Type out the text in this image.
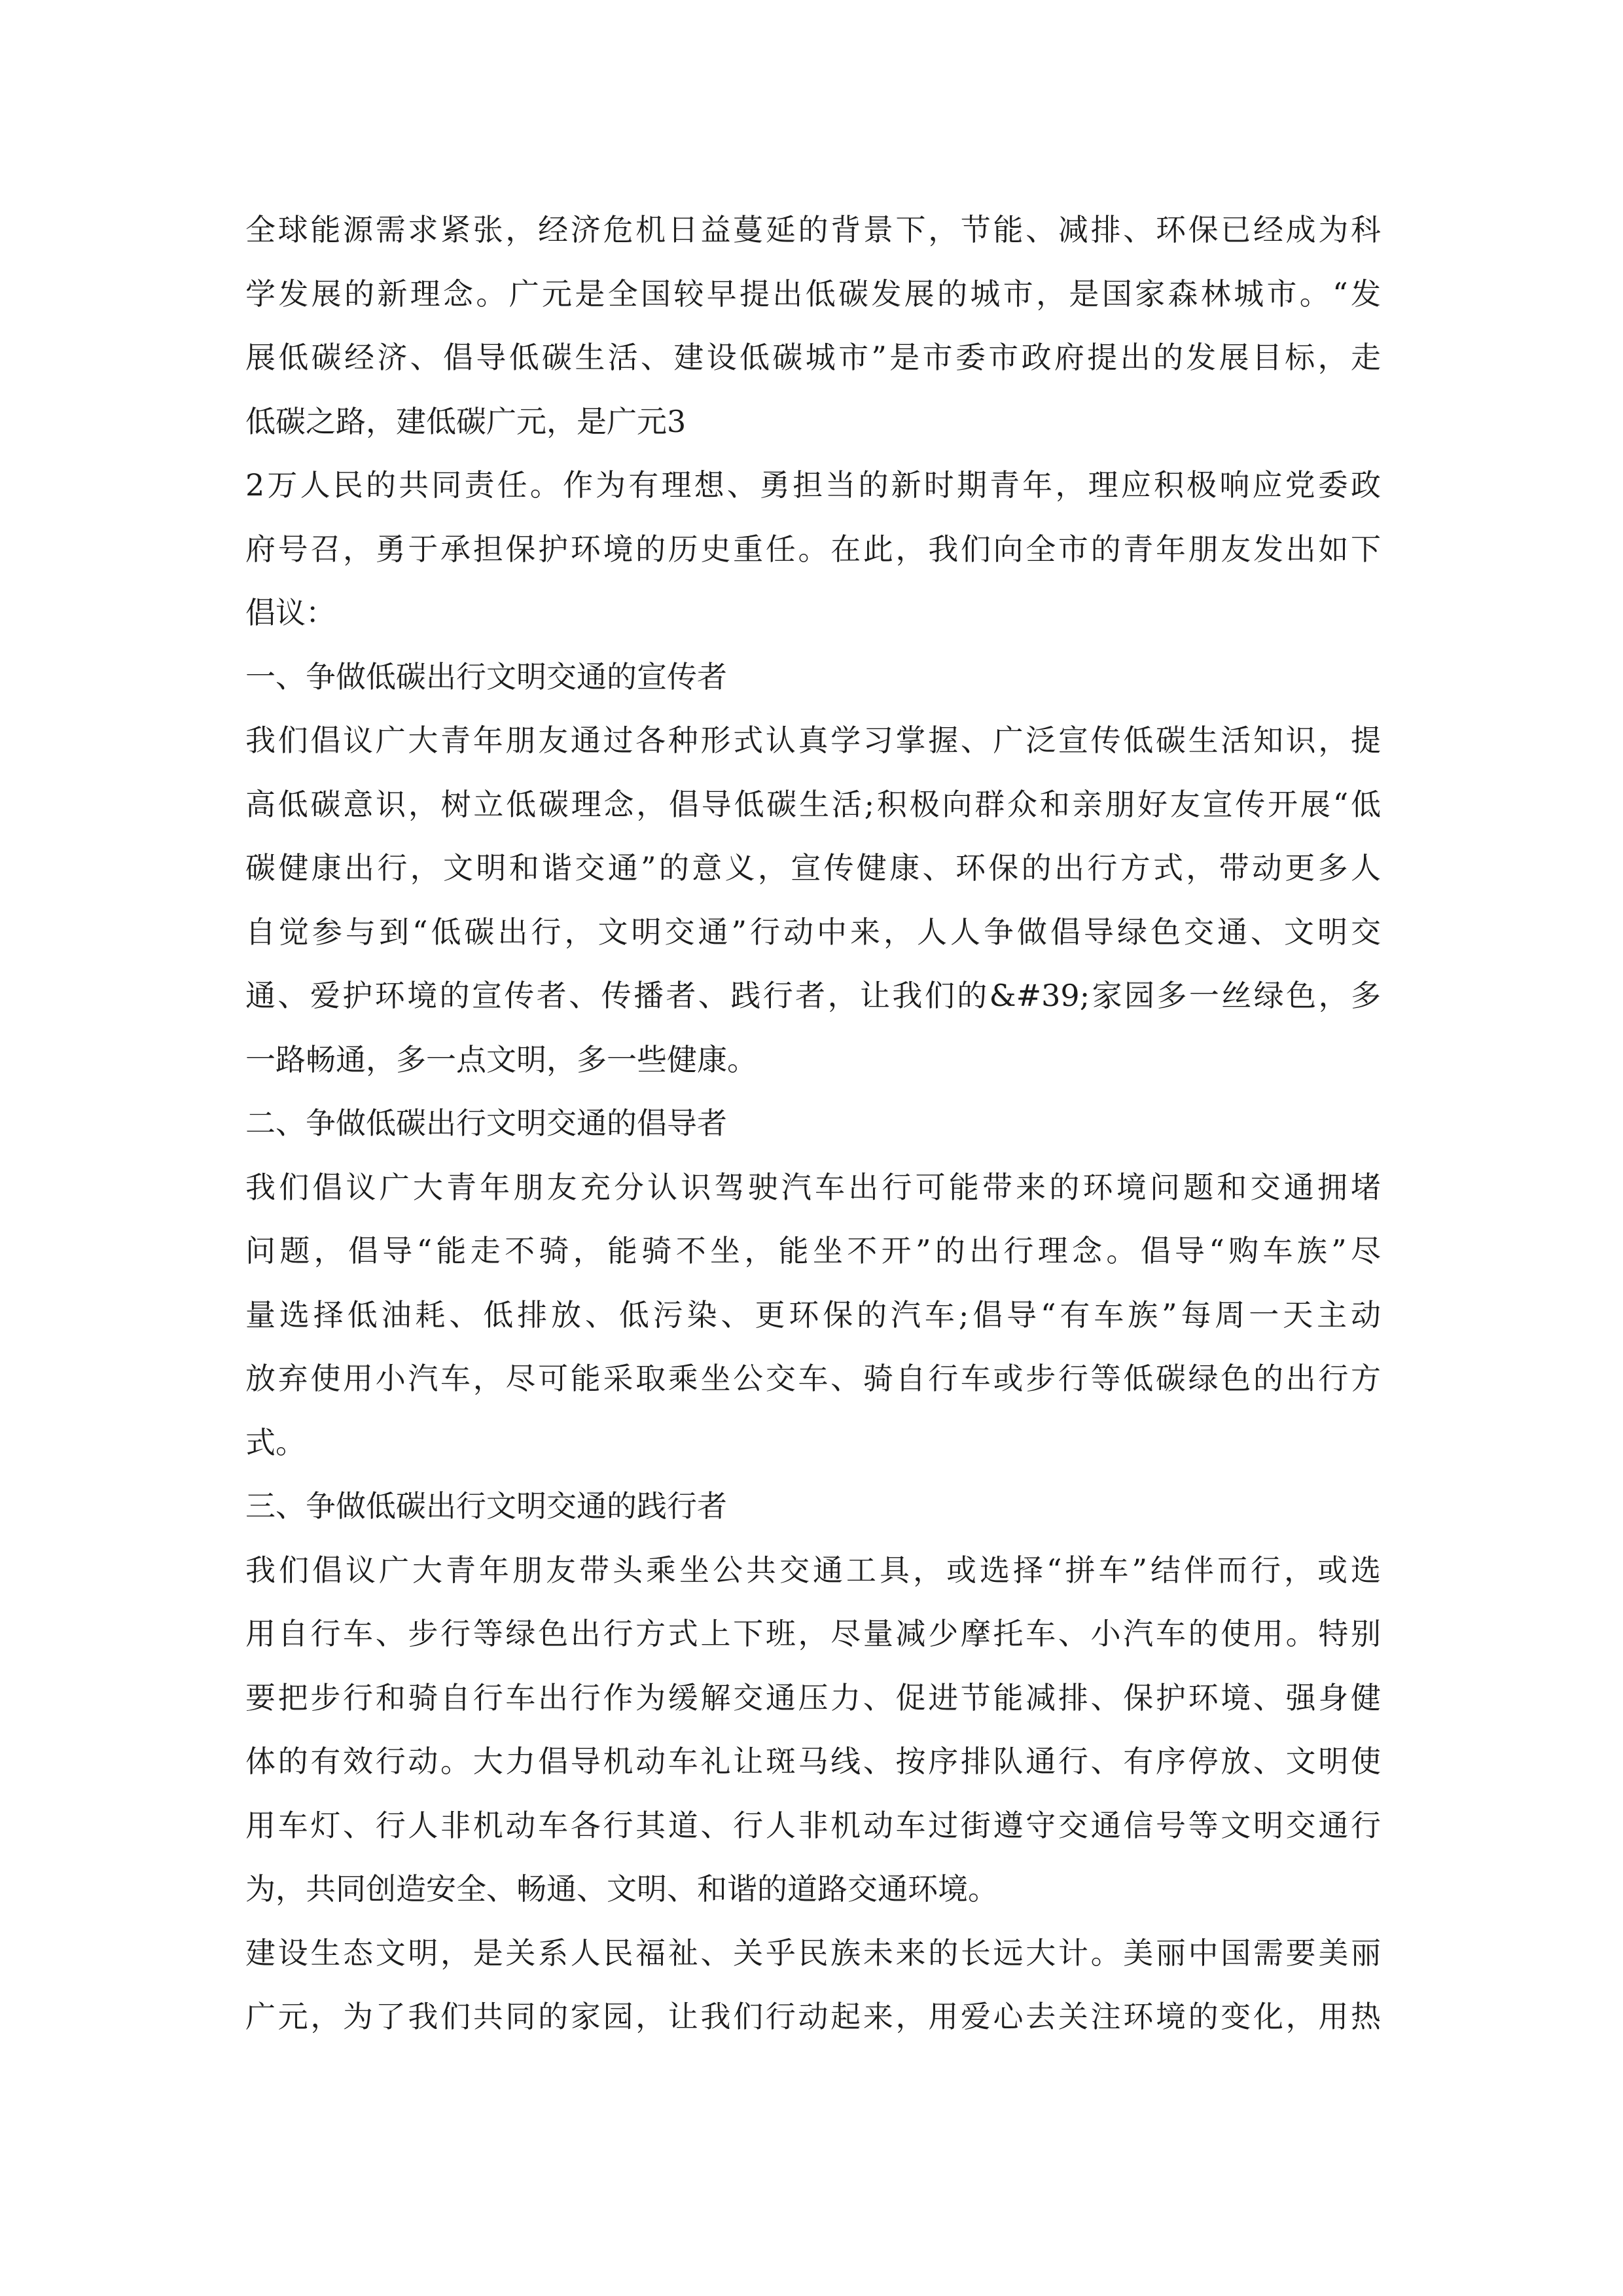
全球能源需求紧张，经济危机日益蔓延的背景下，节能、减排、环保已经成为科
学发展的新理念。广元是全国较早提出低碳发展的城市，是国家森林城市。“发
展低碳经济、倡导低碳生活、建设低碳城市”是市委市政府提出的发展目标，走
低碳之路，建低碳广元，是广元3
2万人民的共同责任。作为有理想、勇担当的新时期青年，理应积极响应党委政
府号召，勇于承担保护环境的历史重任。在此，我们向全市的青年朋友发出如下
倡议：
一、争做低碳出行文明交通的宣传者
我们倡议广大青年朋友通过各种形式认真学习掌握、广泛宣传低碳生活知识，提
高低碳意识，树立低碳理念，倡导低碳生活;积极向群众和亲朋好友宣传开展“低
碳健康出行，文明和谐交通”的意义，宣传健康、环保的出行方式，带动更多人
自觉参与到“低碳出行，文明交通”行动中来，人人争做倡导绿色交通、文明交
通、爱护环境的宣传者、传播者、践行者，让我们的&#39;家园多一丝绿色，多
一路畅通，多一点文明，多一些健康。
二、争做低碳出行文明交通的倡导者
我们倡议广大青年朋友充分认识驾驶汽车出行可能带来的环境问题和交通拥堵
问题，倡导“能走不骑，能骑不坐，能坐不开”的出行理念。倡导“购车族”尽
量选择低油耗、低排放、低污染、更环保的汽车;倡导“有车族”每周一天主动
放弃使用小汽车，尽可能采取乘坐公交车、骑自行车或步行等低碳绿色的出行方
式。
三、争做低碳出行文明交通的践行者
我们倡议广大青年朋友带头乘坐公共交通工具，或选择“拼车”结伴而行，或选
用自行车、步行等绿色出行方式上下班，尽量减少摩托车、小汽车的使用。特别
要把步行和骑自行车出行作为缓解交通压力、促进节能减排、保护环境、强身健
体的有效行动。大力倡导机动车礼让斑马线、按序排队通行、有序停放、文明使
用车灯、行人非机动车各行其道、行人非机动车过街遵守交通信号等文明交通行
为，共同创造安全、畅通、文明、和谐的道路交通环境。
建设生态文明，是关系人民福祉、关乎民族未来的长远大计。美丽中国需要美丽
广元，为了我们共同的家园，让我们行动起来，用爱心去关注环境的变化，用热
